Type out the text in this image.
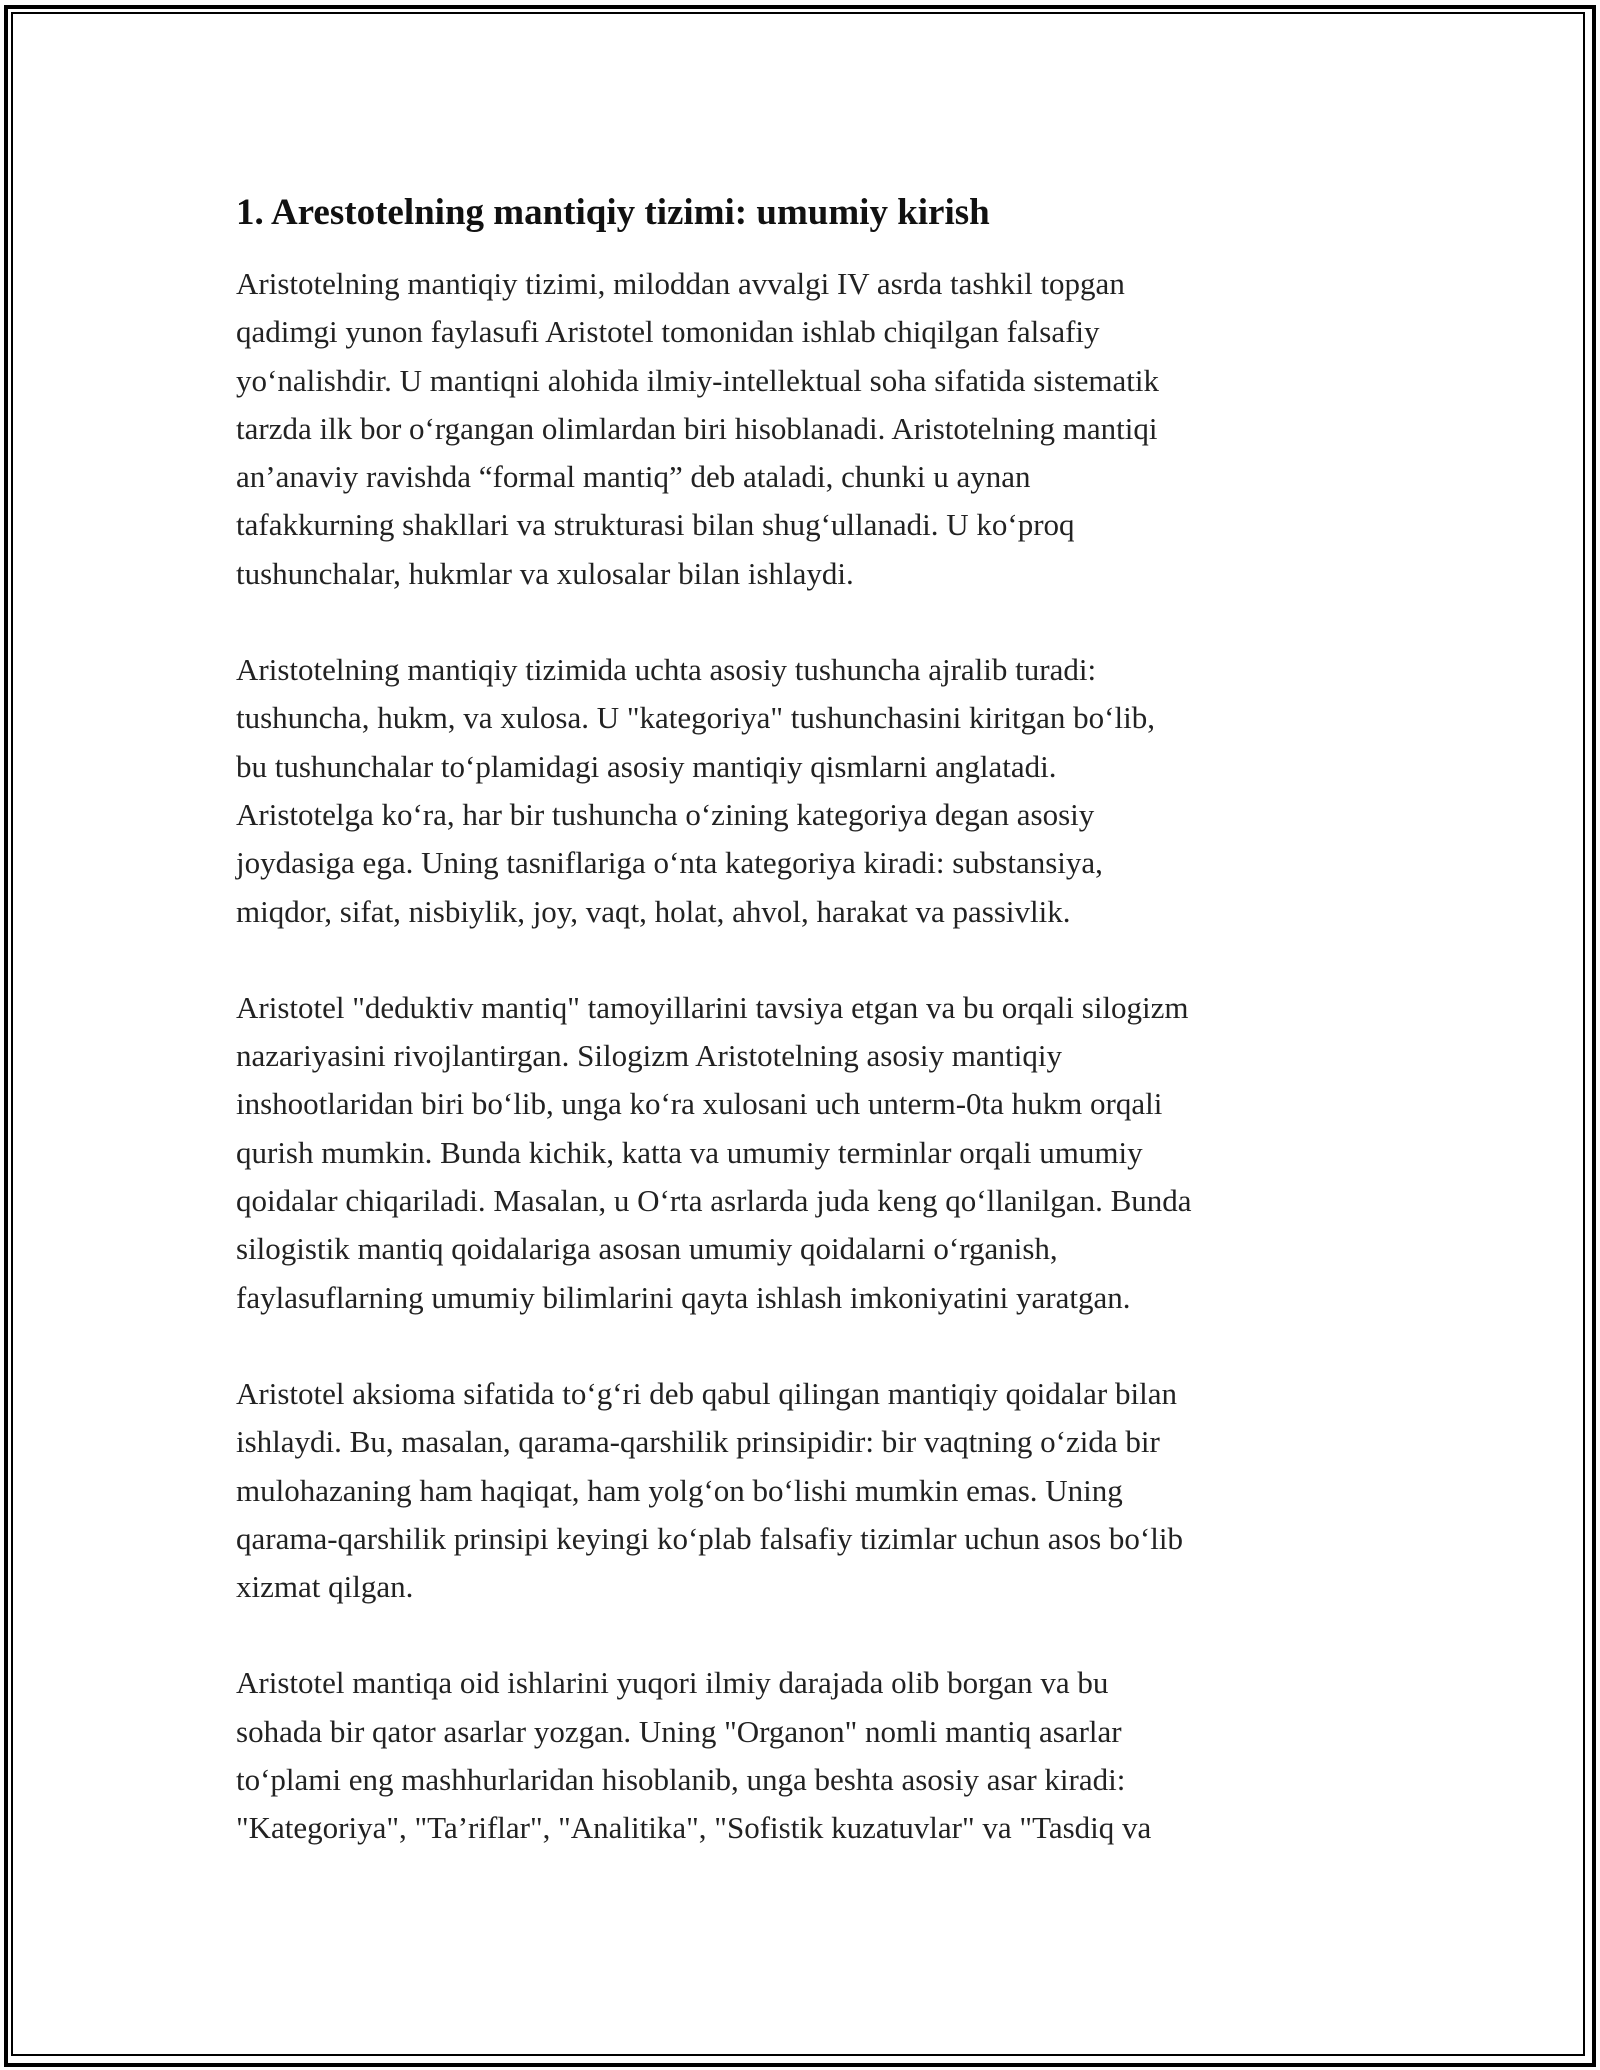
1. Arestotelning mantiqiy tizimi: umumiy kirish

Aristotelning mantiqiy tizimi, miloddan avvalgi IV asrda tashkil topgan
qadimgi yunon faylasufi Aristotel tomonidan ishlab chiqilgan falsafiy
yo‘nalishdir. U mantiqni alohida ilmiy-intellektual soha sifatida sistematik
tarzda ilk bor o‘rgangan olimlardan biri hisoblanadi. Aristotelning mantiqi
an’anaviy ravishda “formal mantiq” deb ataladi, chunki u aynan
tafakkurning shakllari va strukturasi bilan shug‘ullanadi. U ko‘proq
tushunchalar, hukmlar va xulosalar bilan ishlaydi.

Aristotelning mantiqiy tizimida uchta asosiy tushuncha ajralib turadi:
tushuncha, hukm, va xulosa. U "kategoriya" tushunchasini kiritgan bo‘lib,
bu tushunchalar to‘plamidagi asosiy mantiqiy qismlarni anglatadi.
Aristotelga ko‘ra, har bir tushuncha o‘zining kategoriya degan asosiy
joydasiga ega. Uning tasniflariga o‘nta kategoriya kiradi: substansiya,
miqdor, sifat, nisbiylik, joy, vaqt, holat, ahvol, harakat va passivlik.

Aristotel "deduktiv mantiq" tamoyillarini tavsiya etgan va bu orqali silogizm
nazariyasini rivojlantirgan. Silogizm Aristotelning asosiy mantiqiy
inshootlaridan biri bo‘lib, unga ko‘ra xulosani uch unterm-0ta hukm orqali
qurish mumkin. Bunda kichik, katta va umumiy terminlar orqali umumiy
qoidalar chiqariladi. Masalan, u O‘rta asrlarda juda keng qo‘llanilgan. Bunda
silogistik mantiq qoidalariga asosan umumiy qoidalarni o‘rganish,
faylasuflarning umumiy bilimlarini qayta ishlash imkoniyatini yaratgan.

Aristotel aksioma sifatida to‘g‘ri deb qabul qilingan mantiqiy qoidalar bilan
ishlaydi. Bu, masalan, qarama-qarshilik prinsipidir: bir vaqtning o‘zida bir
mulohazaning ham haqiqat, ham yolg‘on bo‘lishi mumkin emas. Uning
qarama-qarshilik prinsipi keyingi ko‘plab falsafiy tizimlar uchun asos bo‘lib
xizmat qilgan.

Aristotel mantiqa oid ishlarini yuqori ilmiy darajada olib borgan va bu
sohada bir qator asarlar yozgan. Uning "Organon" nomli mantiq asarlar
to‘plami eng mashhurlaridan hisoblanib, unga beshta asosiy asar kiradi:
"Kategoriya", "Ta’riflar", "Analitika", "Sofistik kuzatuvlar" va "Tasdiq va
